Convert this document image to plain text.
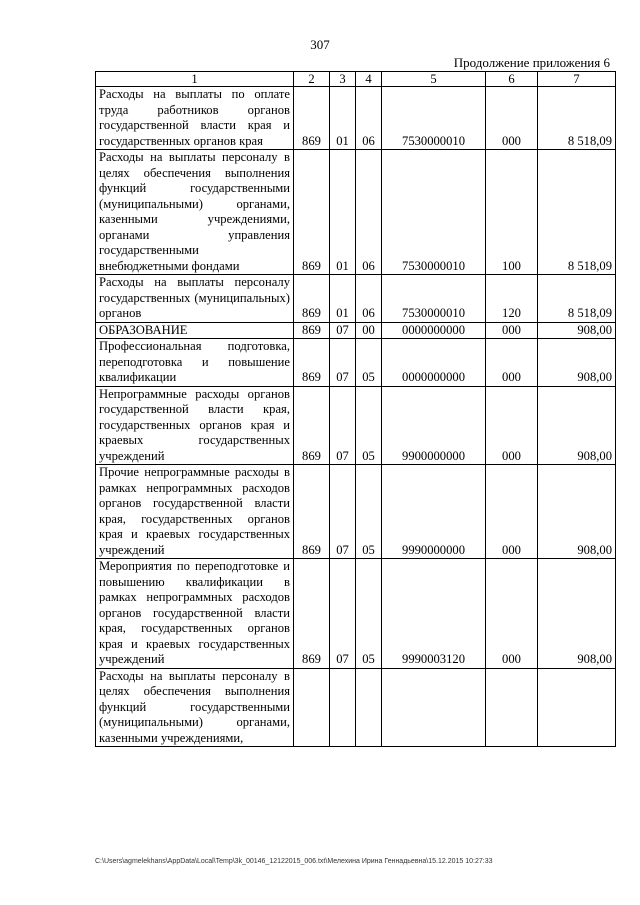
307
Продолжение приложения 6
1	2	3	4	5	6	7
Расходы на выплаты по оплате труда работников органов государственной власти края и государственных органов края	869	01	06	7530000010	000	8 518,09
Расходы на выплаты персоналу в целях обеспечения выполнения функций государственными (муниципальными) органами, казенными учреждениями, органами управления государственными внебюджетными фондами	869	01	06	7530000010	100	8 518,09
Расходы на выплаты персоналу государственных (муниципальных) органов	869	01	06	7530000010	120	8 518,09
ОБРАЗОВАНИЕ	869	07	00	0000000000	000	908,00
Профессиональная подготовка, переподготовка и повышение квалификации	869	07	05	0000000000	000	908,00
Непрограммные расходы органов государственной власти края, государственных органов края и краевых государственных учреждений	869	07	05	9900000000	000	908,00
Прочие непрограммные расходы в рамках непрограммных расходов органов государственной власти края, государственных органов края и краевых государственных учреждений	869	07	05	9990000000	000	908,00
Мероприятия по переподготовке и повышению квалификации в рамках непрограммных расходов органов государственной власти края, государственных органов края и краевых государственных учреждений	869	07	05	9990003120	000	908,00
Расходы на выплаты персоналу в целях обеспечения выполнения функций государственными (муниципальными) органами, казенными учреждениями,						
C:\Users\agmelekhans\AppData\Local\Temp\3k_00146_12122015_006.txt\Мелехина Ирина Геннадьевна\15.12.2015 10:27:33
